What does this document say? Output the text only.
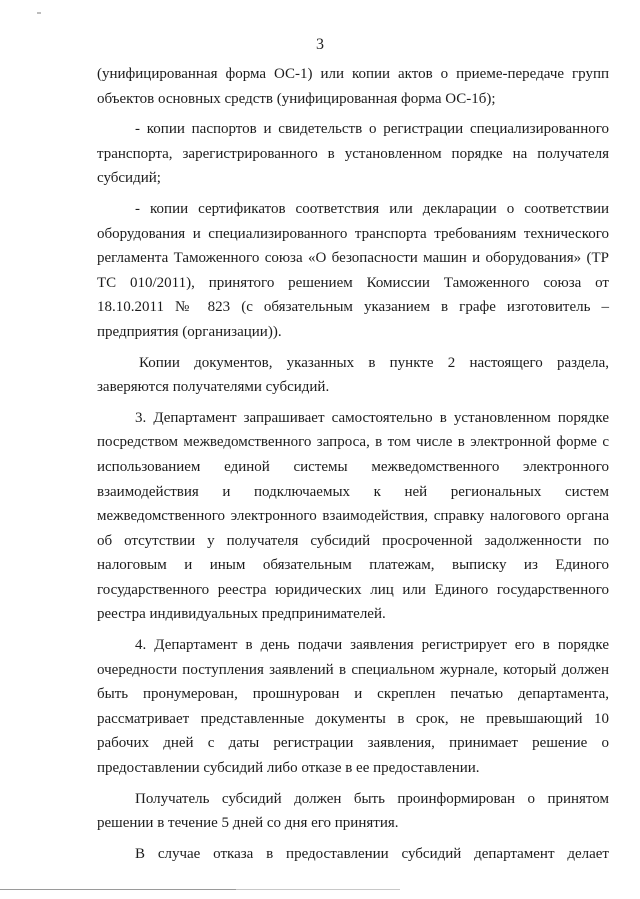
3
(унифицированная форма ОС-1) или копии актов о приеме-передаче групп
объектов основных средств (унифицированная форма ОС-1б);
- копии паспортов и свидетельств о регистрации специализированного
транспорта, зарегистрированного в установленном порядке на получателя
субсидий;
- копии сертификатов соответствия или декларации о соответствии
оборудования и специализированного транспорта требованиям технического
регламента Таможенного союза «О безопасности машин и оборудования» (ТР
ТС 010/2011), принятого решением Комиссии Таможенного союза от
18.10.2011 № 823 (с обязательным указанием в графе изготовитель –
предприятия (организации)).
Копии документов, указанных в пункте 2 настоящего раздела,
заверяются получателями субсидий.
3. Департамент запрашивает самостоятельно в установленном порядке
посредством межведомственного запроса, в том числе в электронной форме с
использованием единой системы межведомственного электронного
взаимодействия и подключаемых к ней региональных систем
межведомственного электронного взаимодействия, справку налогового органа
об отсутствии у получателя субсидий просроченной задолженности по
налоговым и иным обязательным платежам, выписку из Единого
государственного реестра юридических лиц или Единого государственного
реестра индивидуальных предпринимателей.
4. Департамент в день подачи заявления регистрирует его в порядке
очередности поступления заявлений в специальном журнале, который должен
быть пронумерован, прошнурован и скреплен печатью департамента,
рассматривает представленные документы в срок, не превышающий 10
рабочих дней с даты регистрации заявления, принимает решение о
предоставлении субсидий либо отказе в ее предоставлении.
Получатель субсидий должен быть проинформирован о принятом
решении в течение 5 дней со дня его принятия.
В случае отказа в предоставлении субсидий департамент делает
